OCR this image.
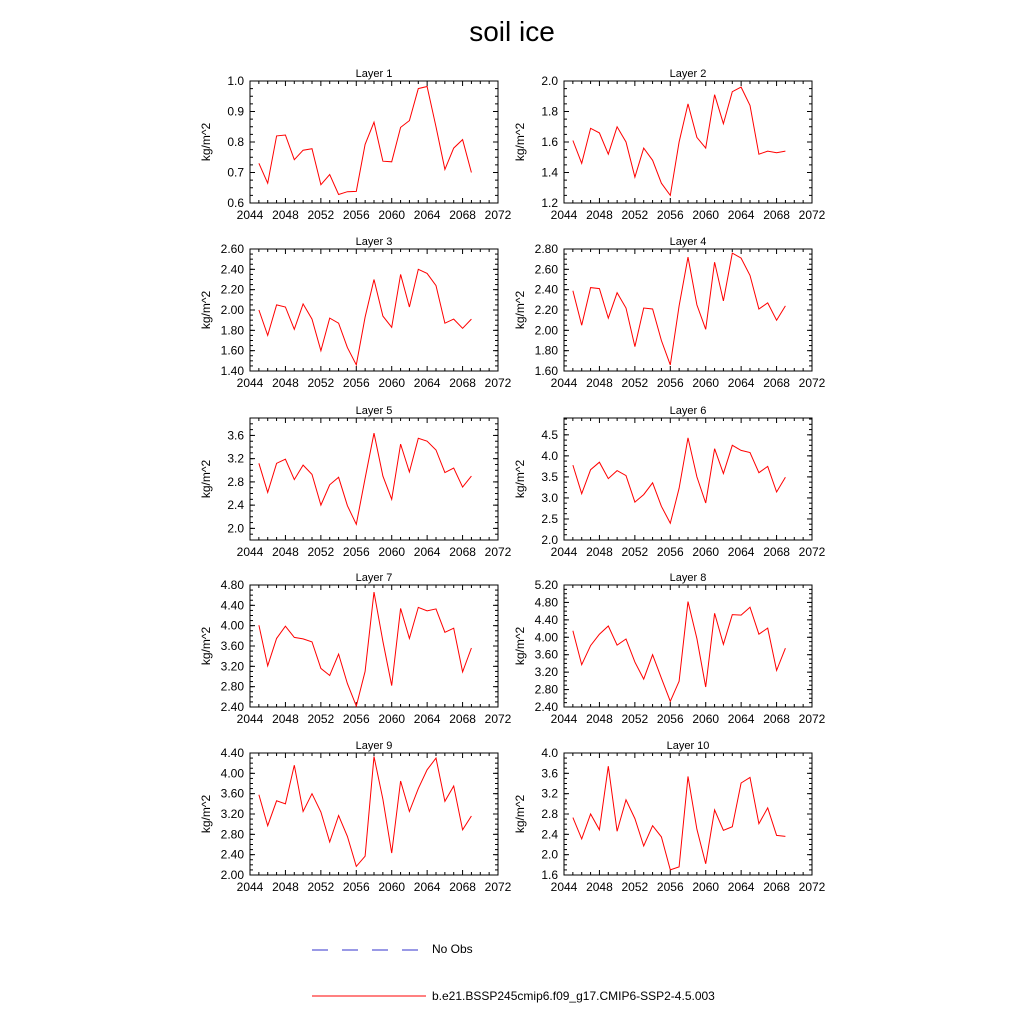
soil ice
Layer 1
2044 2048 2052 2056 2060 2064 2068 2072
0.6
0.7
0.8
0.9
1.0
kg/m^2
Layer 2
2044 2048 2052 2056 2060 2064 2068 2072
1.2
1.4
1.6
1.8
2.0
kg/m^2
Layer 3
2044 2048 2052 2056 2060 2064 2068 2072
1.40
1.60
1.80
2.00
2.20
2.40
2.60
kg/m^2
Layer 4
2044 2048 2052 2056 2060 2064 2068 2072
1.60
1.80
2.00
2.20
2.40
2.60
2.80
kg/m^2
Layer 5
2044 2048 2052 2056 2060 2064 2068 2072
2.0
2.4
2.8
3.2
3.6
kg/m^2
Layer 6
2044 2048 2052 2056 2060 2064 2068 2072
2.0
2.5
3.0
3.5
4.0
4.5
kg/m^2
Layer 7
2044 2048 2052 2056 2060 2064 2068 2072
2.40
2.80
3.20
3.60
4.00
4.40
4.80
kg/m^2
Layer 8
2044 2048 2052 2056 2060 2064 2068 2072
2.40
2.80
3.20
3.60
4.00
4.40
4.80
5.20
kg/m^2
Layer 9
2044 2048 2052 2056 2060 2064 2068 2072
2.00
2.40
2.80
3.20
3.60
4.00
4.40
kg/m^2
Layer 10
2044 2048 2052 2056 2060 2064 2068 2072
1.6
2.0
2.4
2.8
3.2
3.6
4.0
kg/m^2
No Obs
b.e21.BSSP245cmip6.f09_g17.CMIP6-SSP2-4.5.003
